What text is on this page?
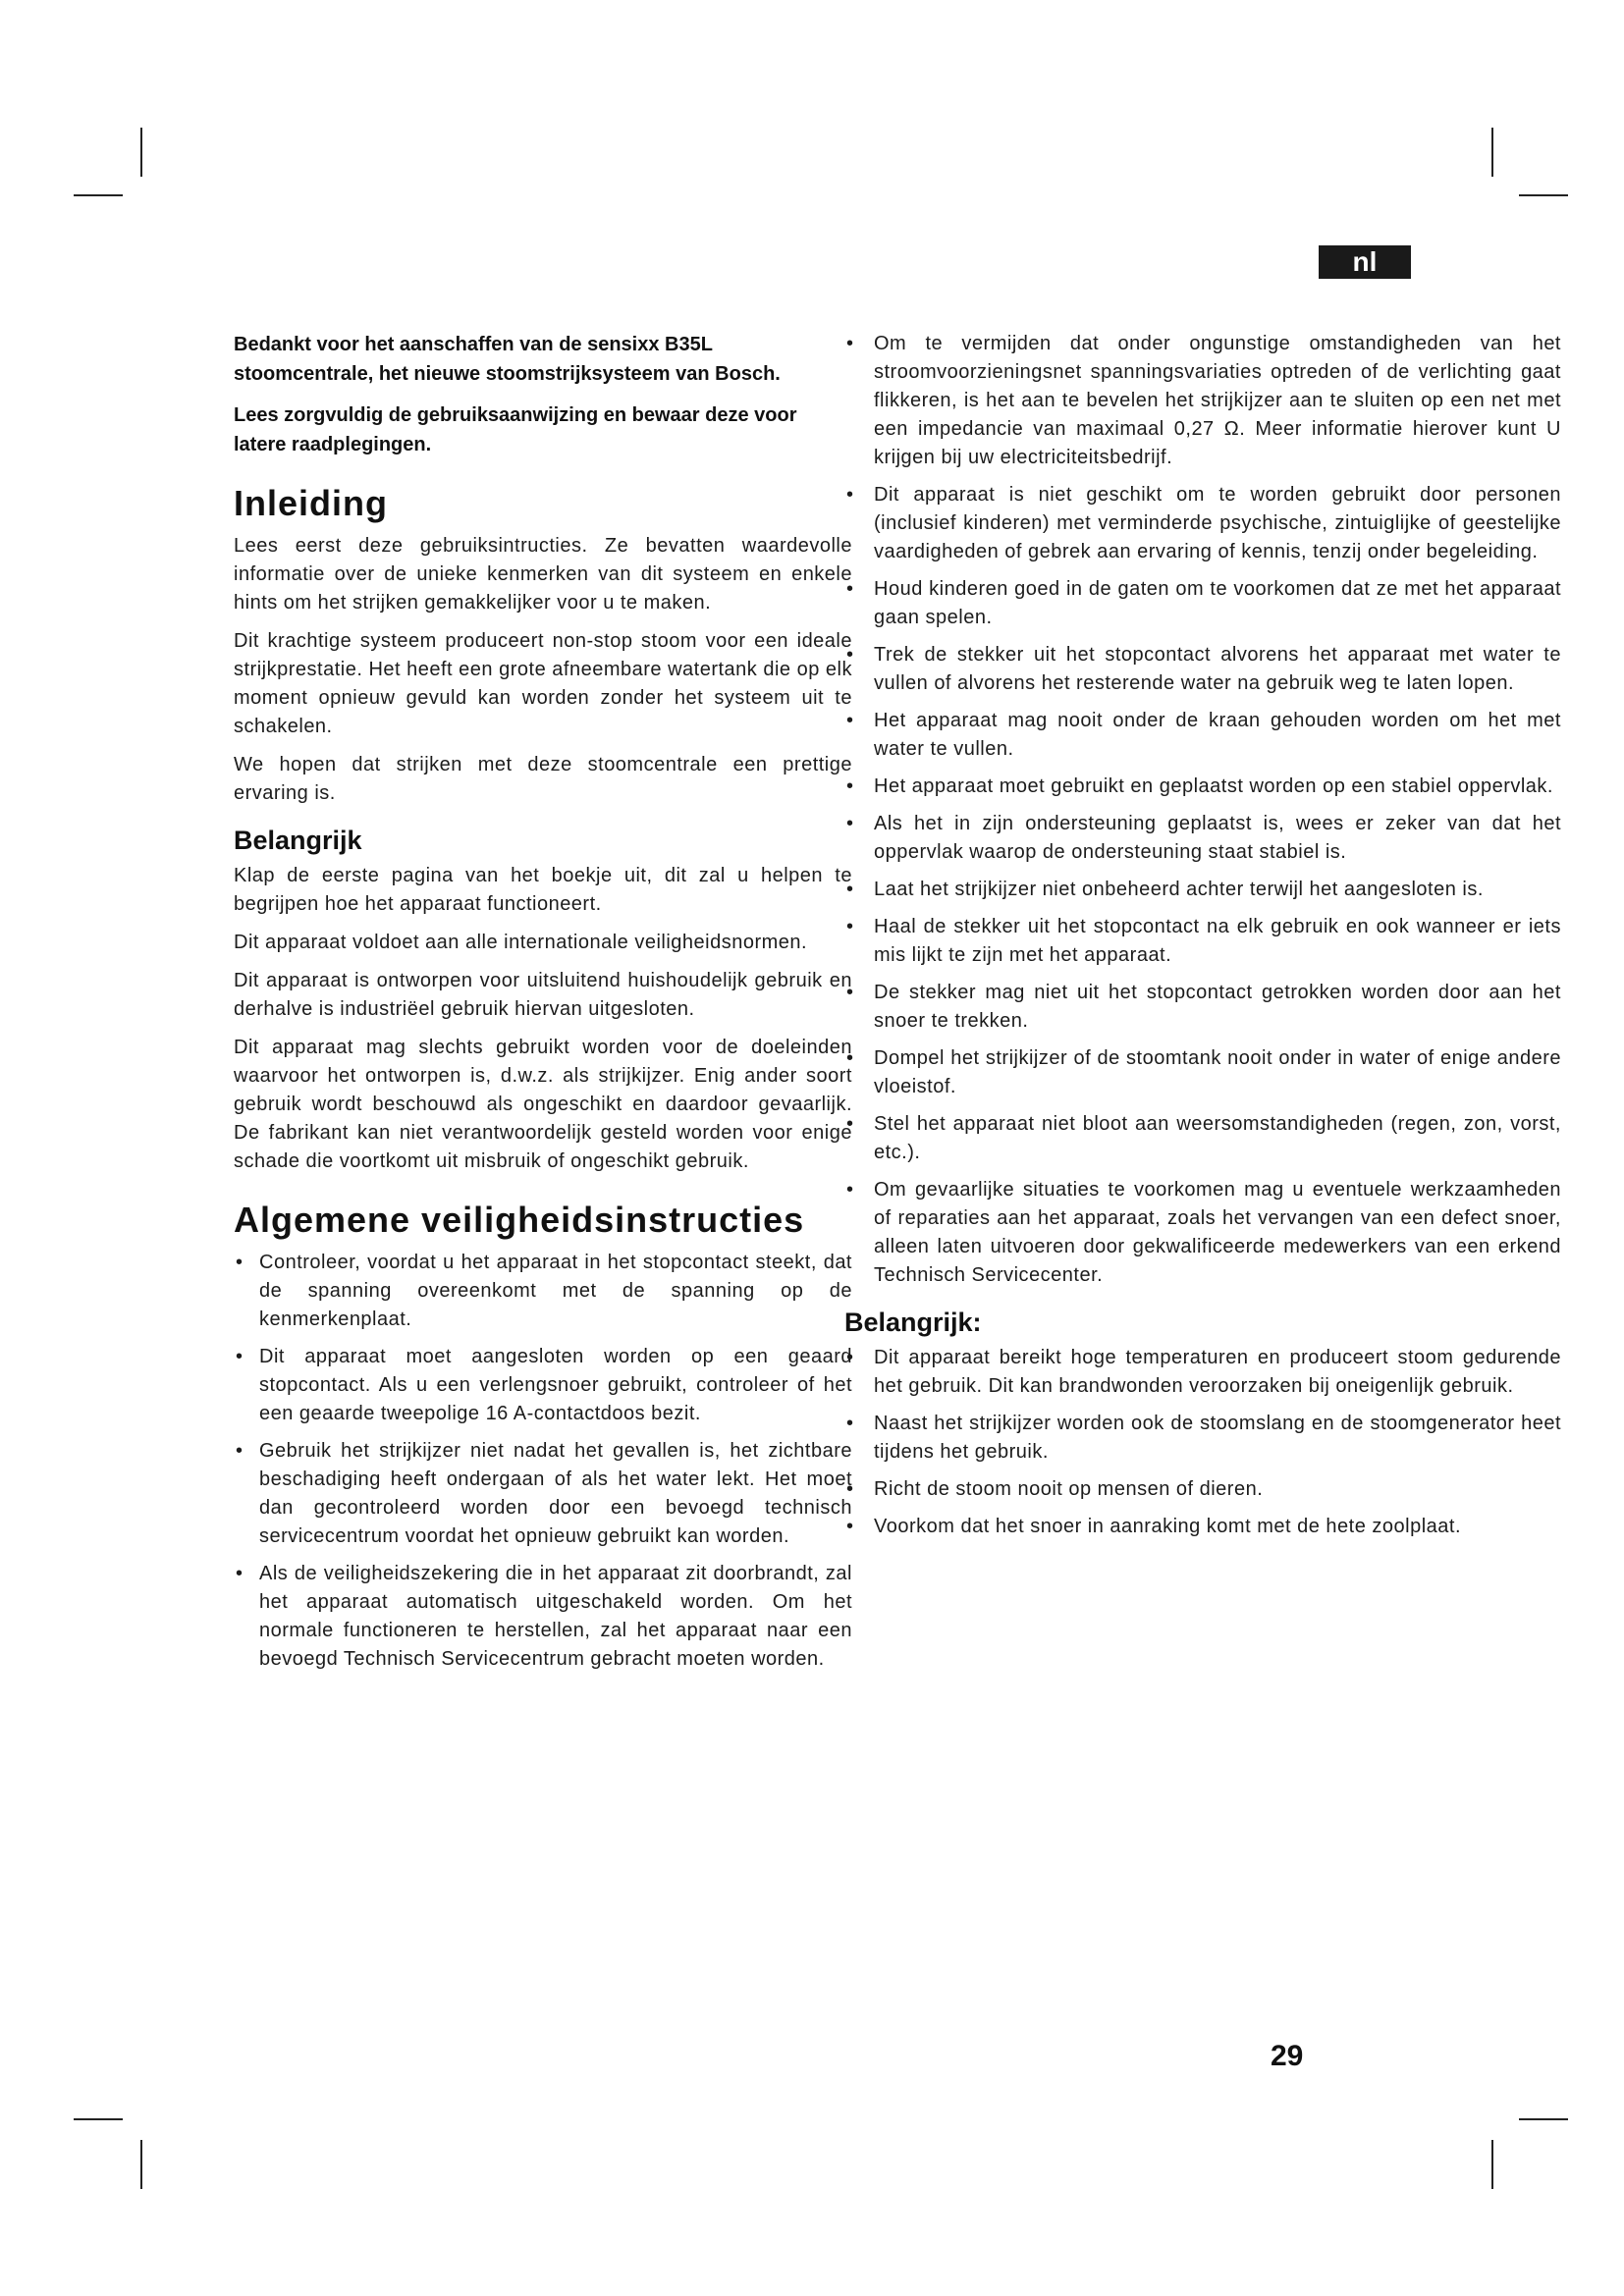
nl

Bedankt voor het aanschaffen van de sensixx B35L stoomcentrale, het nieuwe stoomstrijksysteem van Bosch.

Lees zorgvuldig de gebruiksaanwijzing en bewaar deze voor latere raadplegingen.

Inleiding

Lees eerst deze gebruiksintructies. Ze bevatten waardevolle informatie over de unieke kenmerken van dit systeem en enkele hints om het strijken gemakkelijker voor u te maken.

Dit krachtige systeem produceert non-stop stoom voor een ideale strijkprestatie. Het heeft een grote afneembare watertank die op elk moment opnieuw gevuld kan worden zonder het systeem uit te schakelen.

We hopen dat strijken met deze stoomcentrale een prettige ervaring is.

Belangrijk

Klap de eerste pagina van het boekje uit, dit zal u helpen te begrijpen hoe het apparaat functioneert.

Dit apparaat voldoet aan alle internationale veiligheidsnormen.

Dit apparaat is ontworpen voor uitsluitend huishoudelijk gebruik en derhalve is industriëel gebruik hiervan uitgesloten.

Dit apparaat mag slechts gebruikt worden voor de doeleinden waarvoor het ontworpen is, d.w.z. als strijkijzer. Enig ander soort gebruik wordt beschouwd als ongeschikt en daardoor gevaarlijk. De fabrikant kan niet verantwoordelijk gesteld worden voor enige schade die voortkomt uit misbruik of ongeschikt gebruik.

Algemene veiligheidsinstructies
• Controleer, voordat u het apparaat in het stopcontact steekt, dat de spanning overeenkomt met de spanning op de kenmerkenplaat.
• Dit apparaat moet aangesloten worden op een geaard stopcontact. Als u een verlengsnoer gebruikt, controleer of het een geaarde tweepolige 16 A-contactdoos bezit.
• Gebruik het strijkijzer niet nadat het gevallen is, het zichtbare beschadiging heeft ondergaan of als het water lekt. Het moet dan gecontroleerd worden door een bevoegd technisch servicecentrum voordat het opnieuw gebruikt kan worden.
• Als de veiligheidszekering die in het apparaat zit doorbrandt, zal het apparaat automatisch uitgeschakeld worden. Om het normale functioneren te herstellen, zal het apparaat naar een bevoegd Technisch Servicecentrum gebracht moeten worden.
• Om te vermijden dat onder ongunstige omstandigheden van het stroomvoorzieningsnet spanningsvariaties optreden of de verlichting gaat flikkeren, is het aan te bevelen het strijkijzer aan te sluiten op een net met een impedancie van maximaal 0,27 Ω. Meer informatie hierover kunt U krijgen bij uw electriciteitsbedrijf.
• Dit apparaat is niet geschikt om te worden gebruikt door personen (inclusief kinderen) met verminderde psychische, zintuiglijke of geestelijke vaardigheden of gebrek aan ervaring of kennis, tenzij onder begeleiding.
• Houd kinderen goed in de gaten om te voorkomen dat ze met het apparaat gaan spelen.
• Trek de stekker uit het stopcontact alvorens het apparaat met water te vullen of alvorens het resterende water na gebruik weg te laten lopen.
• Het apparaat mag nooit onder de kraan gehouden worden om het met water te vullen.
• Het apparaat moet gebruikt en geplaatst worden op een stabiel oppervlak.
• Als het in zijn ondersteuning geplaatst is, wees er zeker van dat het oppervlak waarop de ondersteuning staat stabiel is.
• Laat het strijkijzer niet onbeheerd achter terwijl het aangesloten is.
• Haal de stekker uit het stopcontact na elk gebruik en ook wanneer er iets mis lijkt te zijn met het apparaat.
• De stekker mag niet uit het stopcontact getrokken worden door aan het snoer te trekken.
• Dompel het strijkijzer of de stoomtank nooit onder in water of enige andere vloeistof.
• Stel het apparaat niet bloot aan weersomstandigheden (regen, zon, vorst, etc.).
• Om gevaarlijke situaties te voorkomen mag u eventuele werkzaamheden of reparaties aan het apparaat, zoals het vervangen van een defect snoer, alleen laten uitvoeren door gekwalificeerde medewerkers van een erkend Technisch Servicecenter.
Belangrijk:
• Dit apparaat bereikt hoge temperaturen en produceert stoom gedurende het gebruik. Dit kan brandwonden veroorzaken bij oneigenlijk gebruik.
• Naast het strijkijzer worden ook de stoomslang en de stoomgenerator heet tijdens het gebruik.
• Richt de stoom nooit op mensen of dieren.
• Voorkom dat het snoer in aanraking komt met de hete zoolplaat.
29
